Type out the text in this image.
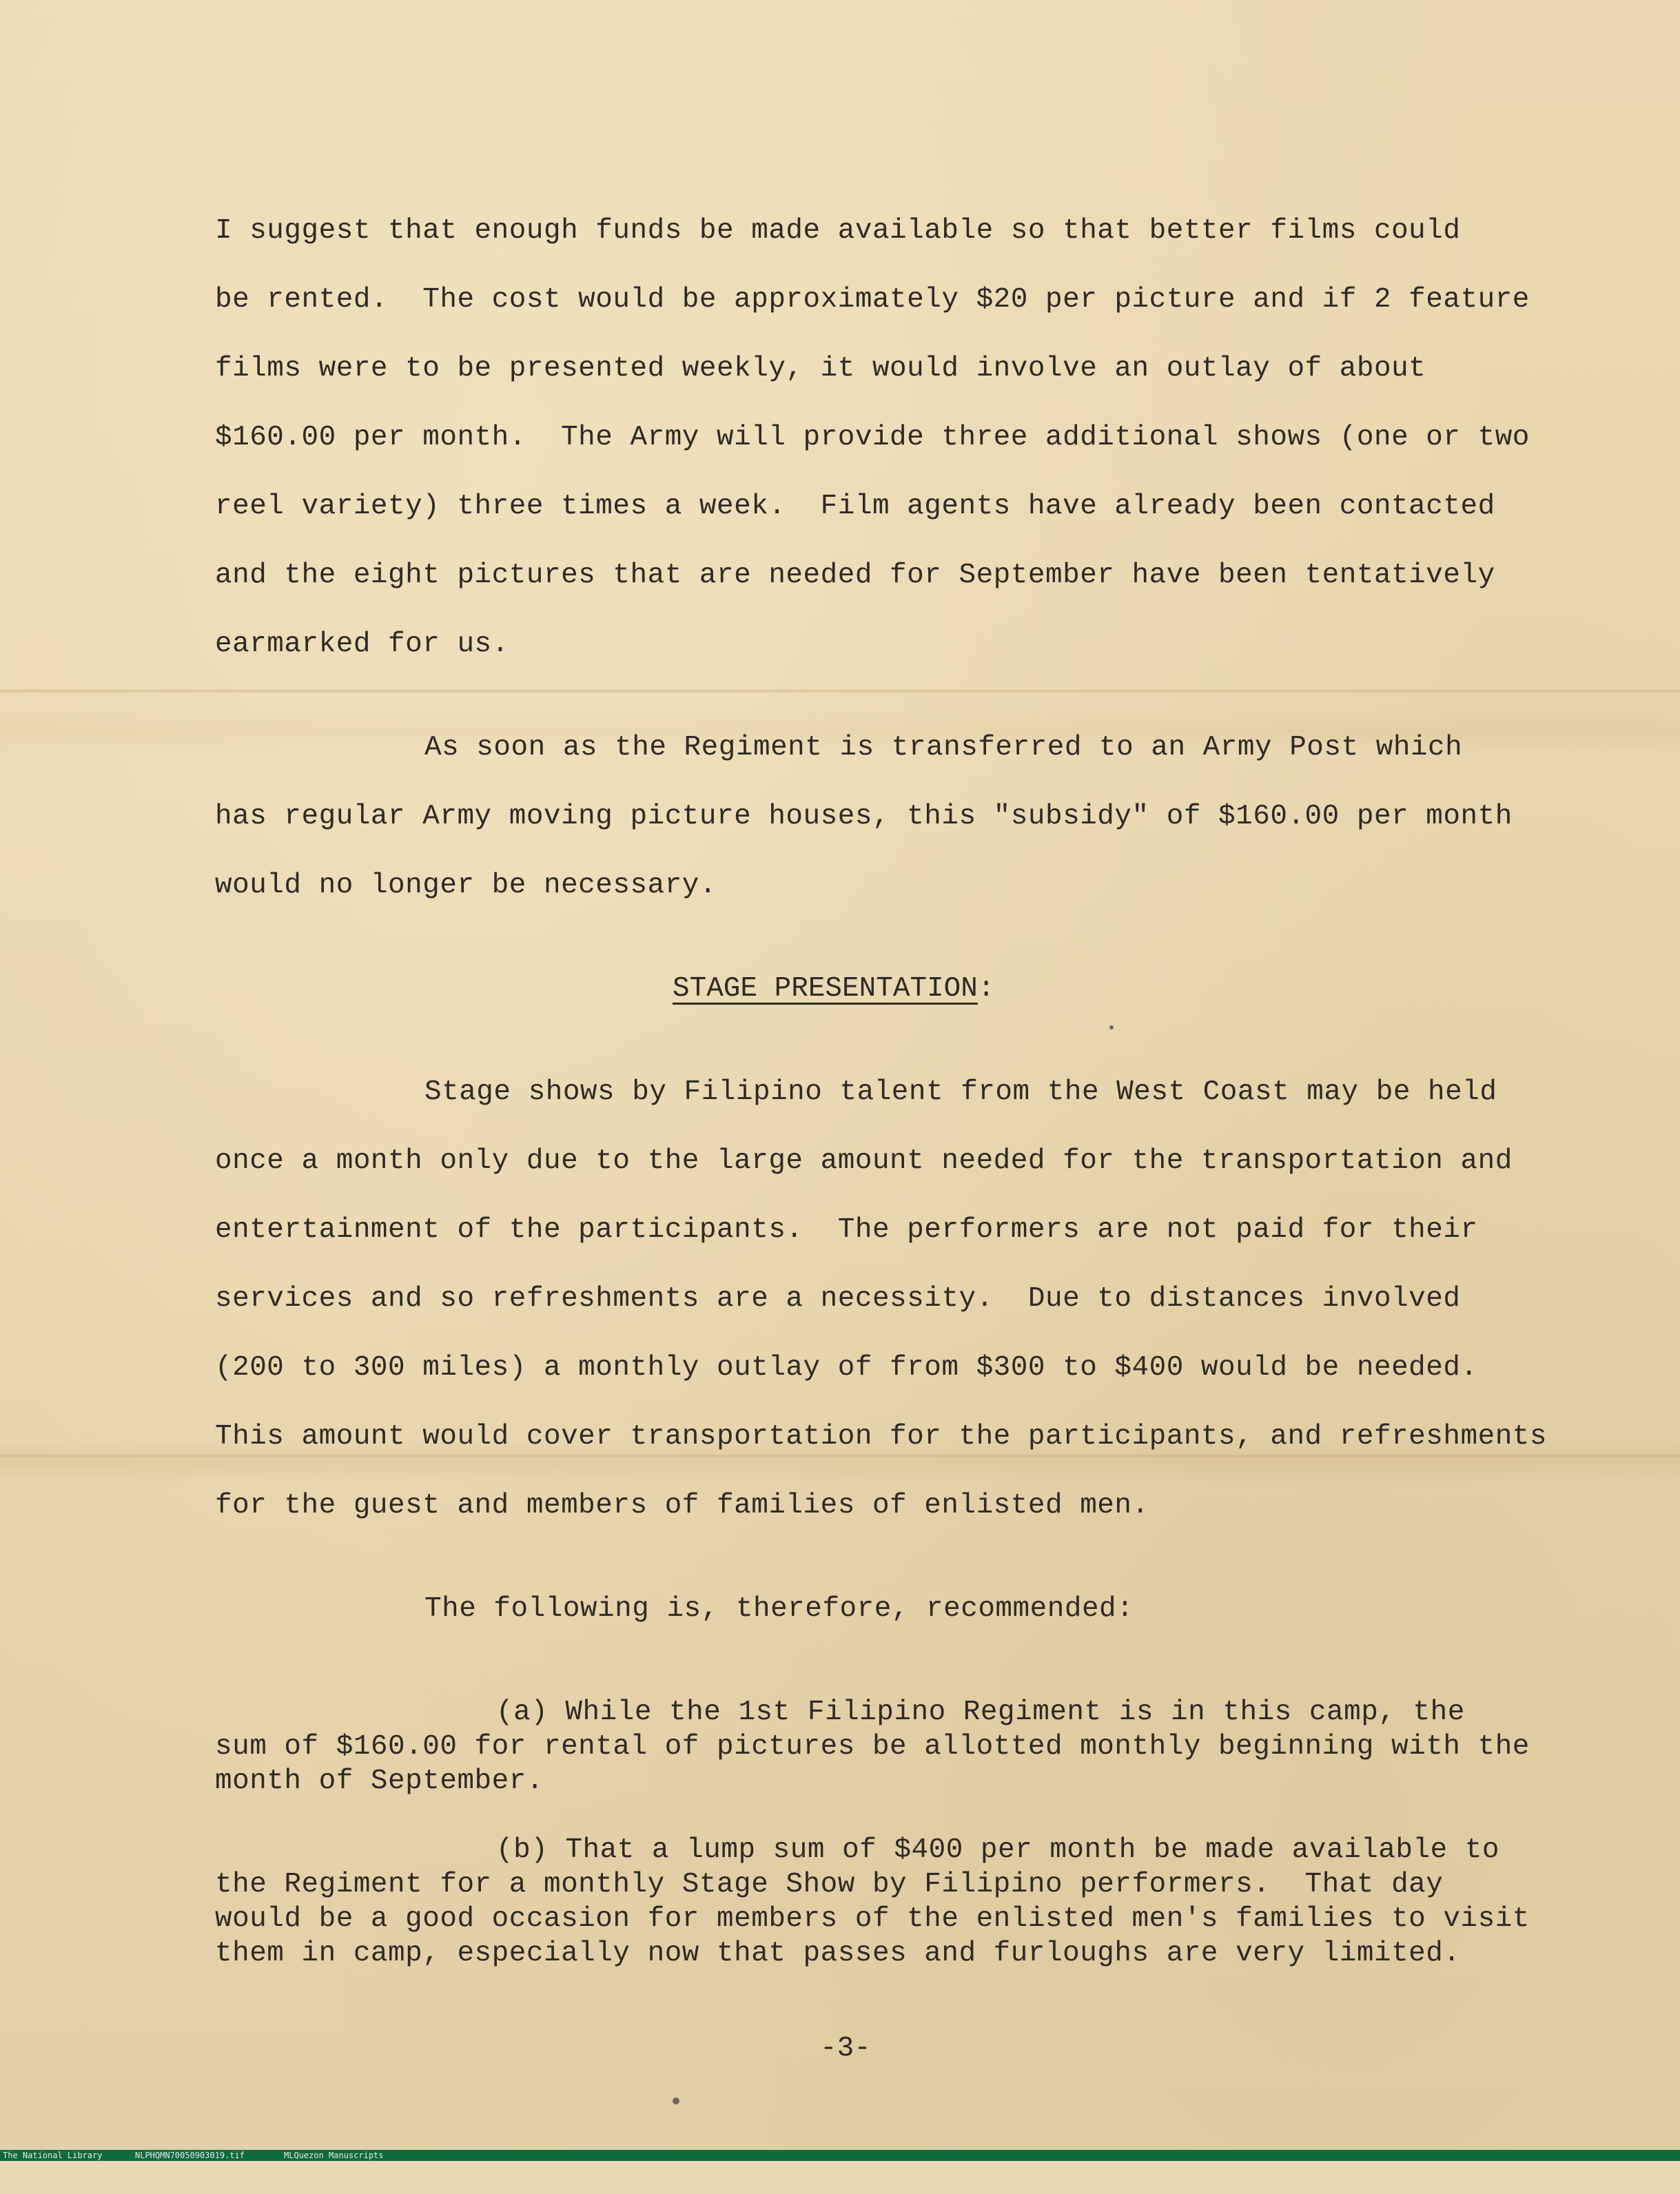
I suggest that enough funds be made available so that better films could
be rented.  The cost would be approximately $20 per picture and if 2 feature
films were to be presented weekly, it would involve an outlay of about
$160.00 per month.  The Army will provide three additional shows (one or two
reel variety) three times a week.  Film agents have already been contacted
and the eight pictures that are needed for September have been tentatively
earmarked for us.
As soon as the Regiment is transferred to an Army Post which
has regular Army moving picture houses, this "subsidy" of $160.00 per month
would no longer be necessary.
STAGE PRESENTATION:
Stage shows by Filipino talent from the West Coast may be held
once a month only due to the large amount needed for the transportation and
entertainment of the participants.  The performers are not paid for their
services and so refreshments are a necessity.  Due to distances involved
(200 to 300 miles) a monthly outlay of from $300 to $400 would be needed.
This amount would cover transportation for the participants, and refreshments
for the guest and members of families of enlisted men.
The following is, therefore, recommended:
(a) While the 1st Filipino Regiment is in this camp, the
sum of $160.00 for rental of pictures be allotted monthly beginning with the
month of September.
(b) That a lump sum of $400 per month be made available to
the Regiment for a monthly Stage Show by Filipino performers.  That day
would be a good occasion for members of the enlisted men's families to visit
them in camp, especially now that passes and furloughs are very limited.
-3-

The National Library

	NLPHQMN70050903019.tif

	MLQuezon Manuscripts
